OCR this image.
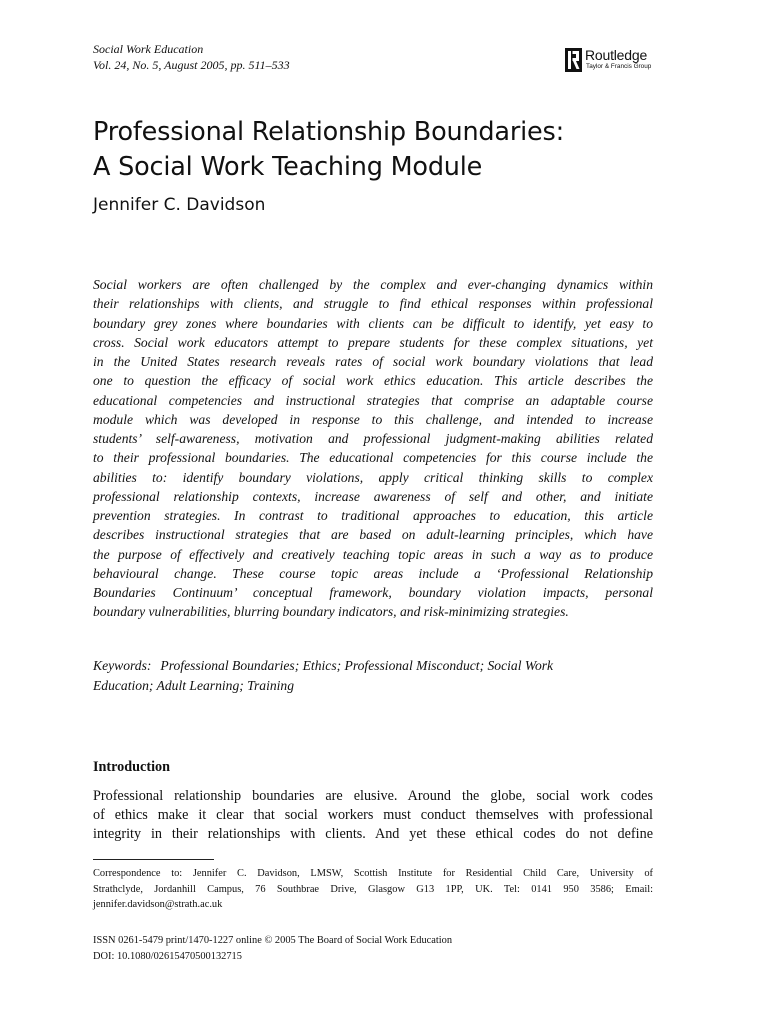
Social Work Education
Vol. 24, No. 5, August 2005, pp. 511–533
Routledge
Taylor & Francis Group
Professional Relationship Boundaries:
A Social Work Teaching Module
Jennifer C. Davidson
Social workers are often challenged by the complex and ever-changing dynamics within
their relationships with clients, and struggle to find ethical responses within professional
boundary grey zones where boundaries with clients can be difficult to identify, yet easy to
cross. Social work educators attempt to prepare students for these complex situations, yet
in the United States research reveals rates of social work boundary violations that lead
one to question the efficacy of social work ethics education. This article describes the
educational competencies and instructional strategies that comprise an adaptable course
module which was developed in response to this challenge, and intended to increase
students’ self-awareness, motivation and professional judgment-making abilities related
to their professional boundaries. The educational competencies for this course include the
abilities to: identify boundary violations, apply critical thinking skills to complex
professional relationship contexts, increase awareness of self and other, and initiate
prevention strategies. In contrast to traditional approaches to education, this article
describes instructional strategies that are based on adult-learning principles, which have
the purpose of effectively and creatively teaching topic areas in such a way as to produce
behavioural change. These course topic areas include a ‘Professional Relationship
Boundaries Continuum’ conceptual framework, boundary violation impacts, personal
boundary vulnerabilities, blurring boundary indicators, and risk-minimizing strategies.
Keywords: Professional Boundaries; Ethics; Professional Misconduct; Social Work
Education; Adult Learning; Training
Introduction
Professional relationship boundaries are elusive. Around the globe, social work codes
of ethics make it clear that social workers must conduct themselves with professional
integrity in their relationships with clients. And yet these ethical codes do not define
Correspondence to: Jennifer C. Davidson, LMSW, Scottish Institute for Residential Child Care, University of
Strathclyde, Jordanhill Campus, 76 Southbrae Drive, Glasgow G13 1PP, UK. Tel: 0141 950 3586; Email:
jennifer.davidson@strath.ac.uk
ISSN 0261-5479 print/1470-1227 online © 2005 The Board of Social Work Education
DOI: 10.1080/02615470500132715
